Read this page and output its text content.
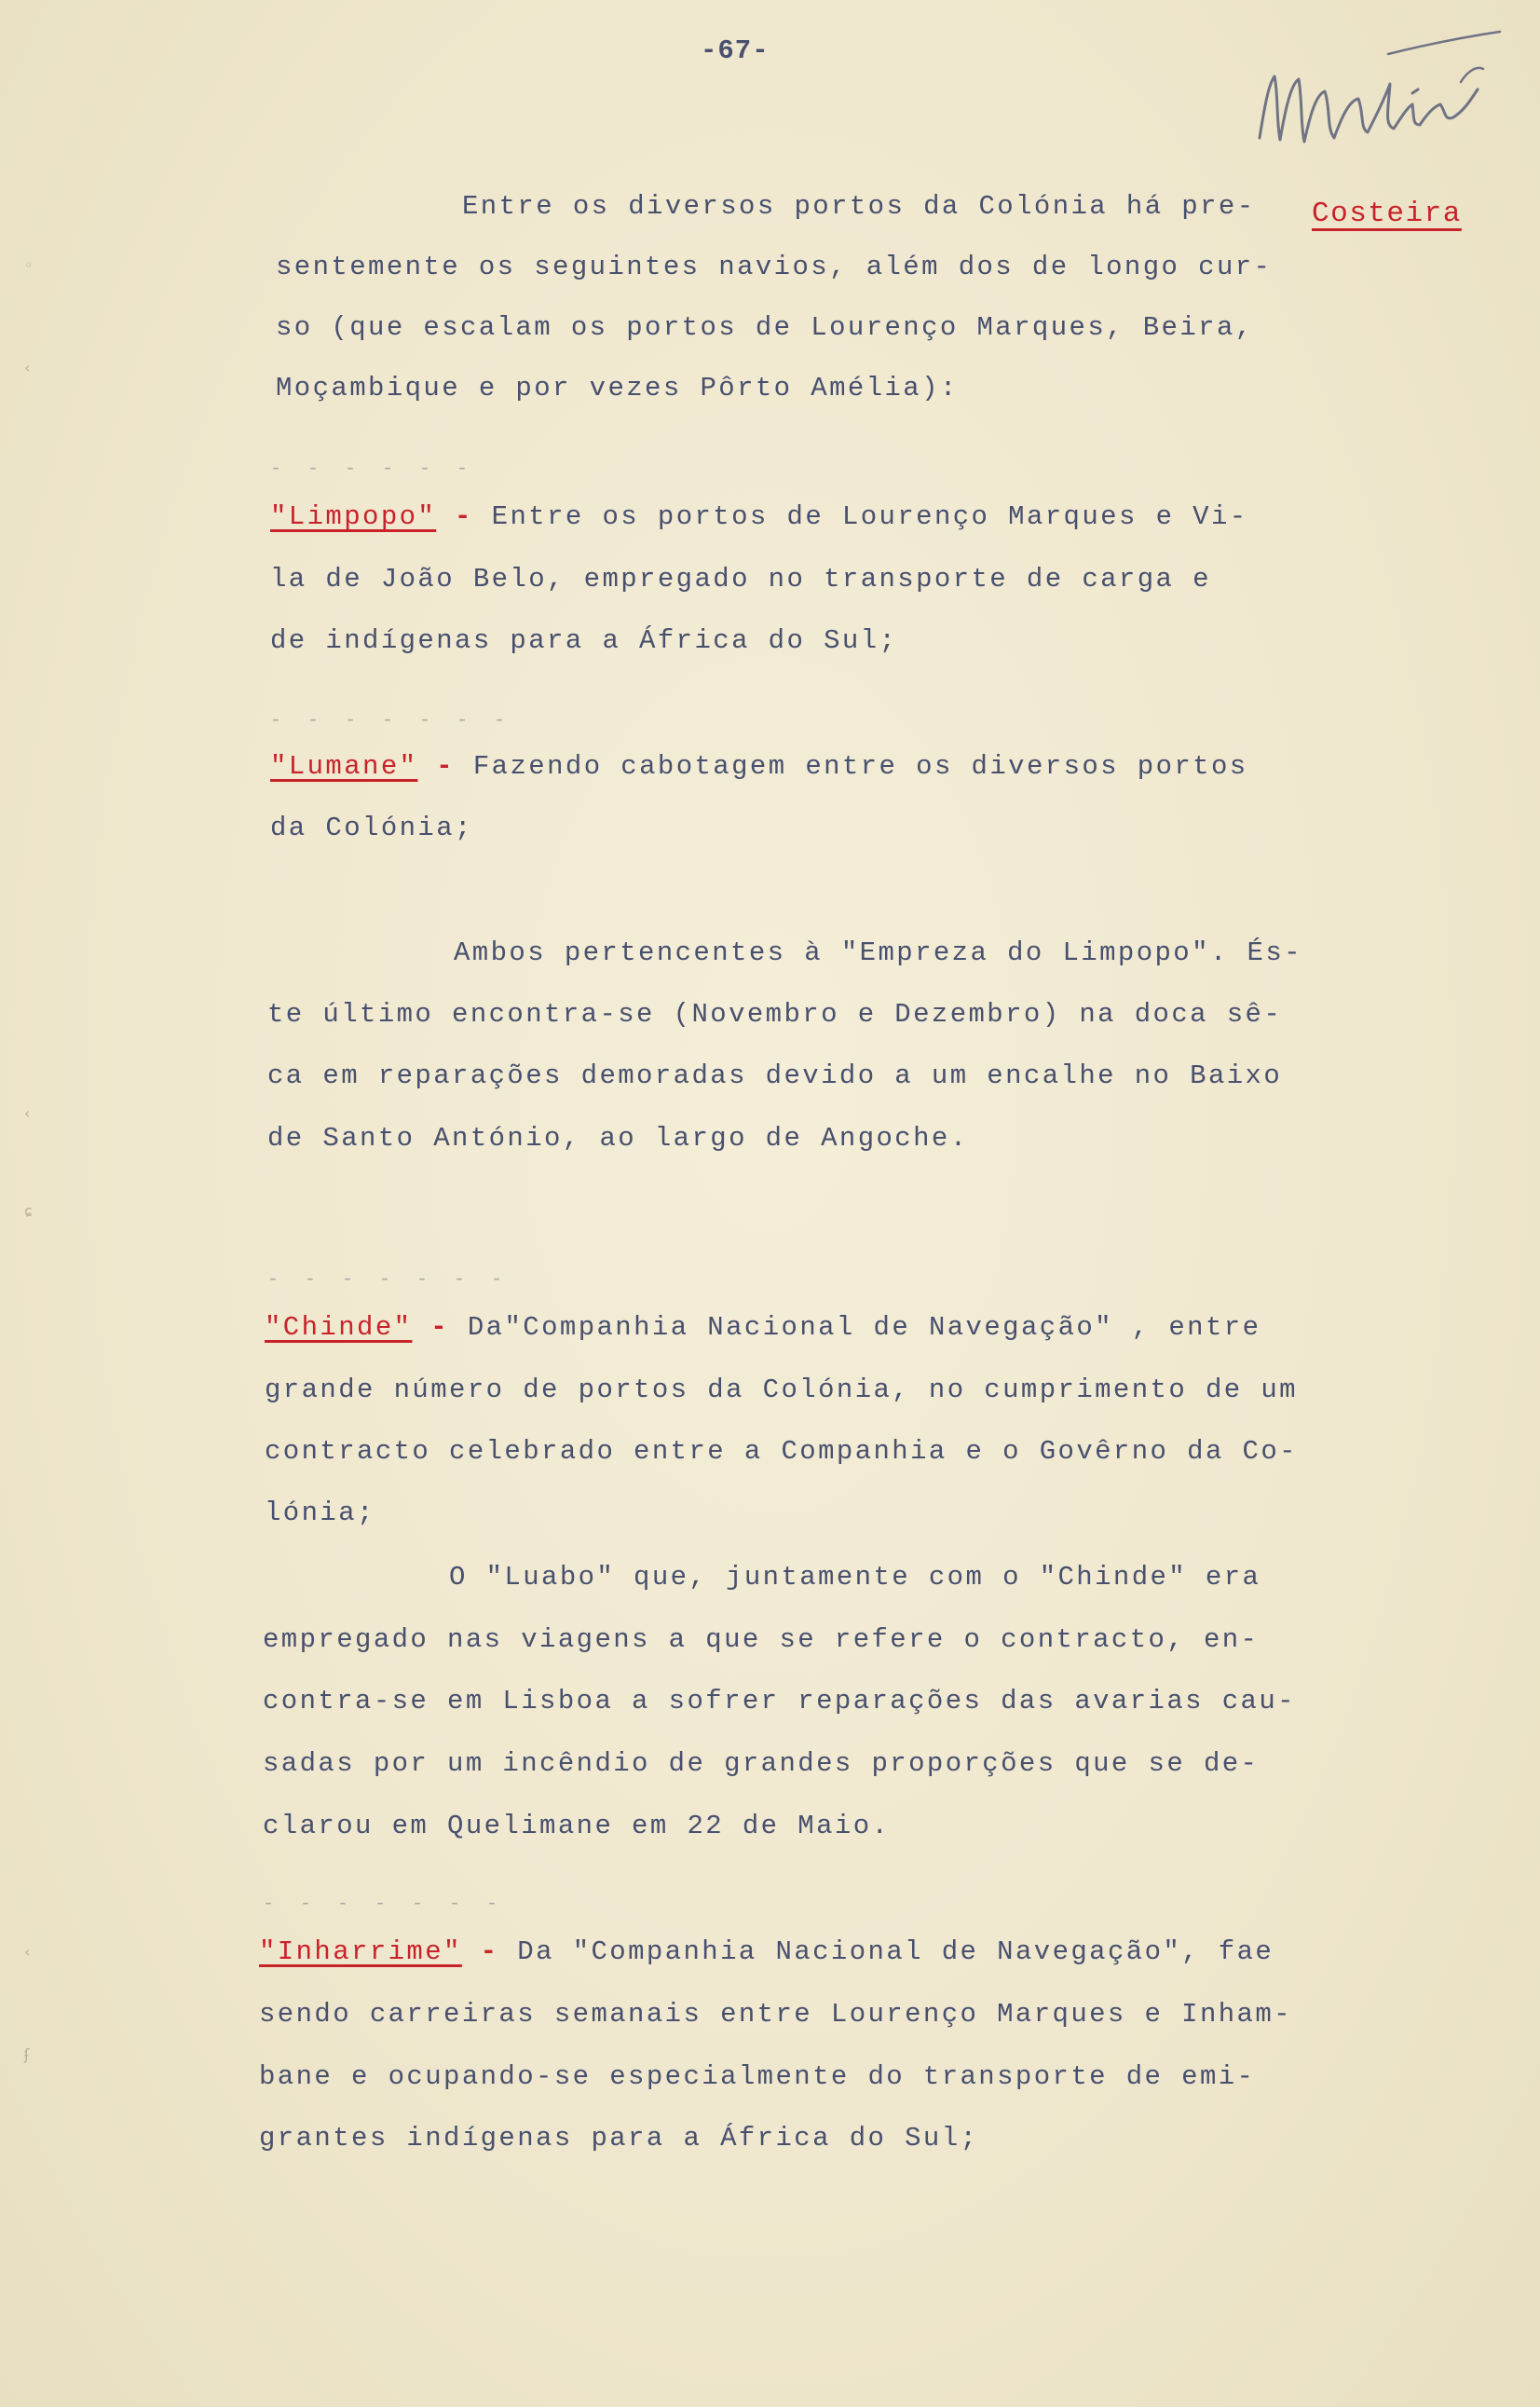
◦

‹

‹

ɕ

‹

ʄ

-67-

Costeira

Entre os diversos portos da Colónia há pre-

sentemente os seguintes navios, além dos de longo cur-

so (que escalam os portos de Lourenço Marques, Beira,

Moçambique e por vezes Pôrto Amélia):

- - - - - -

"Limpopo" - Entre os portos de Lourenço Marques e Vi-

la de João Belo, empregado no transporte de carga e

de indígenas para a África do Sul;

- - - - - - -

"Lumane" - Fazendo cabotagem entre os diversos portos

da Colónia;

Ambos pertencentes à "Empreza do Limpopo". És-

te último encontra-se (Novembro e Dezembro) na doca sê-

ca em reparações demoradas devido a um encalhe no Baixo

de Santo António, ao largo de Angoche.

- - - - - - -

"Chinde" - Da"Companhia Nacional de Navegação" , entre

grande número de portos da Colónia, no cumprimento de um

contracto celebrado entre a Companhia e o Govêrno da Co-

lónia;

O "Luabo" que, juntamente com o "Chinde" era

empregado nas viagens a que se refere o contracto, en-

contra-se em Lisboa a sofrer reparações das avarias cau-

sadas por um incêndio de grandes proporções que se de-

clarou em Quelimane em 22 de Maio.

- - - - - - -

"Inharrime" - Da "Companhia Nacional de Navegação", fae

sendo carreiras semanais entre Lourenço Marques e Inham-

bane e ocupando-se especialmente do transporte de emi-

grantes indígenas para a África do Sul;
